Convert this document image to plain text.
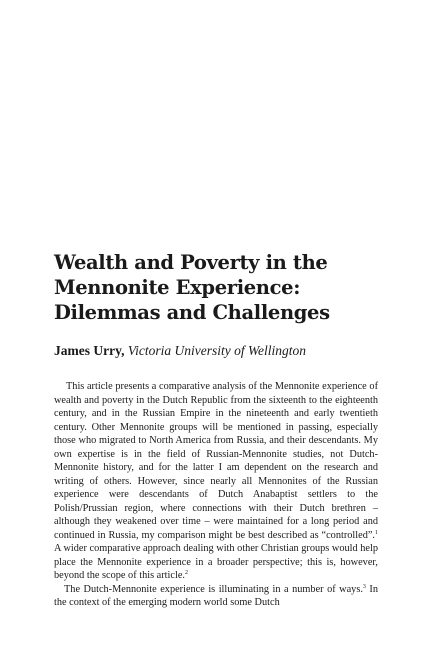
Wealth and Poverty in the
Mennonite Experience:
Dilemmas and Challenges

James Urry, Victoria University of Wellington

This article presents a comparative analysis of the Mennonite experience of wealth and poverty in the Dutch Republic from the sixteenth to the eighteenth century, and in the Russian Empire in the nineteenth and early twentieth century. Other Mennonite groups will be mentioned in passing, especially those who migrated to North America from Russia, and their descendants. My own expertise is in the field of Russian-Mennonite studies, not Dutch-Mennonite history, and for the latter I am dependent on the research and writing of others. However, since nearly all Mennonites of the Russian experience were descendants of Dutch Anabaptist settlers to the Polish/Prussian region, where connections with their Dutch brethren – although they weakened over time – were maintained for a long period and continued in Russia, my comparison might be best described as “controlled”.$^1$ A wider comparative approach dealing with other Christian groups would help place the Mennonite experience in a broader perspective; this is, however, beyond the scope of this article.$^2$

The Dutch-Mennonite experience is illuminating in a number of ways.$^3$ In the context of the emerging modern world some Dutch
